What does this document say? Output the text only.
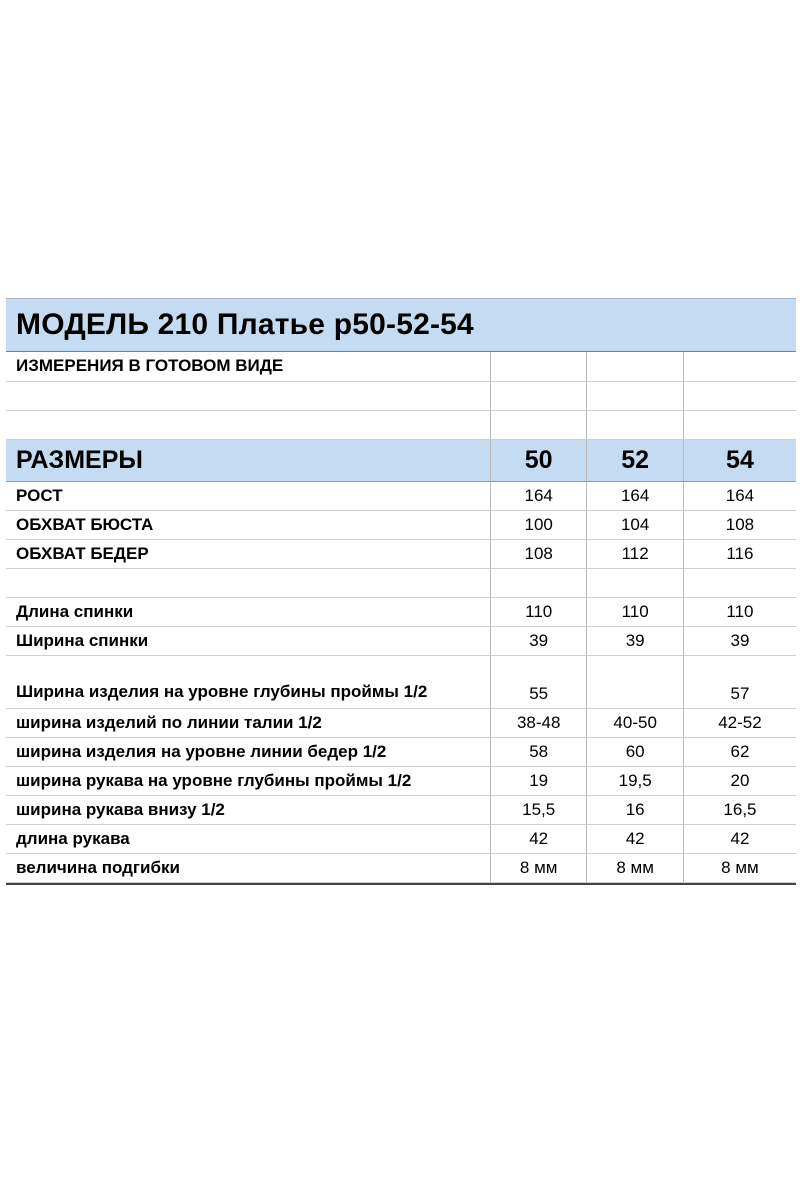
МОДЕЛЬ 210 Платье р50-52-54
ИЗМЕРЕНИЯ В ГОТОВОМ ВИДЕ			

РАЗМЕРЫ	50	52	54
РОСТ	164	164	164
ОБХВАТ БЮСТА	100	104	108
ОБХВАТ БЕДЕР	108	112	116

Длина спинки	110	110	110
Ширина спинки	39	39	39
Ширина изделия на уровне глубины проймы 1/2	55		57
ширина изделий по линии талии 1/2	38-48	40-50	42-52
ширина изделия на уровне линии бедер 1/2	58	60	62
ширина рукава на уровне глубины проймы 1/2	19	19,5	20
ширина рукава внизу 1/2	15,5	16	16,5
длина рукава	42	42	42
величина подгибки	8 мм	8 мм	8 мм
